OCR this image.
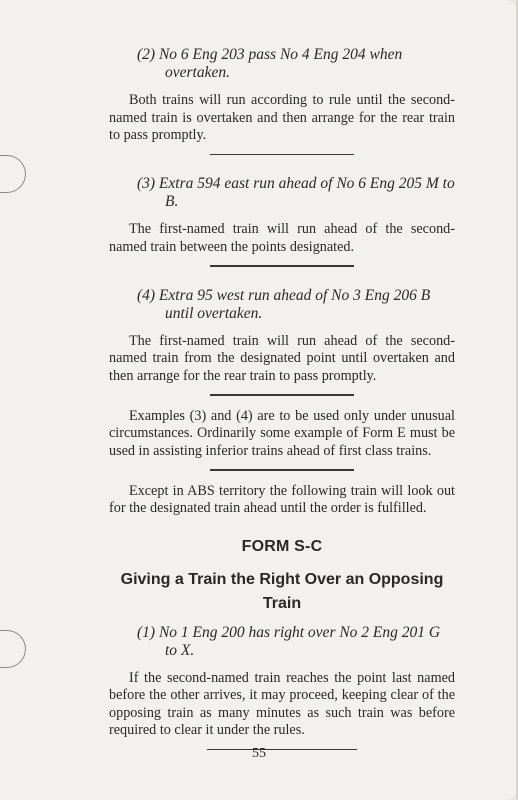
(2) No 6 Eng 203 pass No 4 Eng 204 when overtaken.

Both trains will run according to rule until the second-named train is overtaken and then arrange for the rear train to pass promptly.

(3) Extra 594 east run ahead of No 6 Eng 205 M to B.

The first-named train will run ahead of the second-named train between the points designated.

(4) Extra 95 west run ahead of No 3 Eng 206 B until overtaken.

The first-named train will run ahead of the second-named train from the designated point until overtaken and then arrange for the rear train to pass promptly.

Examples (3) and (4) are to be used only under unusual circumstances. Ordinarily some example of Form E must be used in assisting inferior trains ahead of first class trains.

Except in ABS territory the following train will look out for the designated train ahead until the order is fulfilled.

FORM S-C
Giving a Train the Right Over an Opposing Train
(1) No 1 Eng 200 has right over No 2 Eng 201 G to X.

If the second-named train reaches the point last named before the other arrives, it may proceed, keeping clear of the opposing train as many minutes as such train was before required to clear it under the rules.

55
